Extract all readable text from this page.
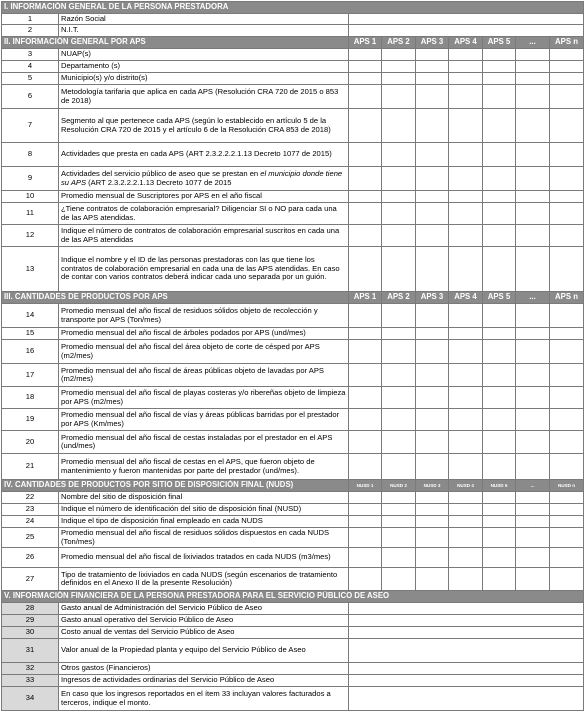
I. INFORMACIÓN GENERAL DE LA PERSONA PRESTADORA								
1	Razón Social							
2	N.I.T.							
II. INFORMACIÓN GENERAL POR APS		APS 1	APS 2	APS 3	APS 4	APS 5	...	APS n
3	NUAP(s)							
4	Departamento (s)							
5	Municipio(s) y/o distrito(s)							
6	Metodología tarifaria que aplica en cada APS (Resolución CRA 720 de 2015 o 853 de 2018)							
7	Segmento al que pertenece cada APS (según lo establecido en artículo 5 de la Resolución CRA 720 de 2015 y el artículo 6 de la Resolución CRA 853 de 2018)							
8	Actividades que presta en cada APS (ART 2.3.2.2.2.1.13 Decreto 1077 de 2015)							
9	Actividades del servicio público de aseo que se prestan en el municipio donde tiene su APS (ART 2.3.2.2.2.1.13 Decreto 1077 de 2015							
10	Promedio mensual de Suscriptores por APS en el año fiscal							
11	¿Tiene contratos de colaboración empresarial? Diligenciar SI o NO para cada una de las APS atendidas.							
12	Indique el número de contratos de colaboración empresarial suscritos en cada una de las APS atendidas							
13	Indique el nombre y el ID de las personas prestadoras con las que tiene los contratos de colaboración empresarial en cada una de las APS atendidas. En caso de contar con varios contratos deberá indicar cada uno separada por un guión.							
III. CANTIDADES DE PRODUCTOS POR APS		APS 1	APS 2	APS 3	APS 4	APS 5	...	APS n
14	Promedio mensual del año fiscal de residuos sólidos objeto de recolección y transporte por APS (Ton/mes)							
15	Promedio mensual del año fiscal de árboles podados por APS (und/mes)							
16	Promedio mensual del año fiscal del área objeto de corte de césped por APS (m2/mes)							
17	Promedio mensual del año fiscal de áreas públicas objeto de lavadas por APS (m2/mes)							
18	Promedio mensual del año fiscal de playas costeras y/o ribereñas objeto de limpieza por APS (m2/mes)							
19	Promedio mensual del año fiscal de vías y áreas públicas barridas por el prestador por APS (Km/mes)							
20	Promedio mensual del año fiscal de cestas instaladas por el prestador en el APS (und/mes)							
21	Promedio mensual del año fiscal de cestas en el APS, que fueron objeto de mantenimiento y fueron mantenidas por parte del prestador (und/mes).							
IV. CANTIDADES DE PRODUCTOS POR SITIO DE DISPOSICIÓN FINAL (NUDS)		NUSD 1	NUSD 2	NUSD 3	NUSD 4	NUSD 5	...	NUSD n
22	Nombre del sitio de disposición final							
23	Indique el número de identificación del sitio de disposición final (NUSD)							
24	Indique el tipo de disposición final empleado en cada NUDS							
25	Promedio mensual del año fiscal de residuos sólidos dispuestos en cada NUDS (Ton/mes)							
26	Promedio mensual del año fiscal de lixiviados tratados en cada NUDS (m3/mes)							
27	Tipo de tratamiento de lixiviados en cada NUDS (según escenarios de tratamiento definidos en el Anexo II de la presente Resolución)							
V. INFORMACIÓN FINANCIERA DE LA PERSONA PRESTADORA PARA EL SERVICIO PÚBLICO DE ASEO								
28	Gasto anual de Administración del Servicio Público de Aseo							
29	Gasto anual operativo del Servicio Público de Aseo							
30	Costo anual de ventas del Servicio Público de Aseo							
31	Valor anual de la Propiedad planta y equipo del Servicio Público de Aseo							
32	Otros gastos (Financieros)							
33	Ingresos de actividades ordinarias del Servicio Público de Aseo							
34	En caso que los ingresos reportados en el ítem 33 incluyan valores facturados a terceros, indique el monto.							
